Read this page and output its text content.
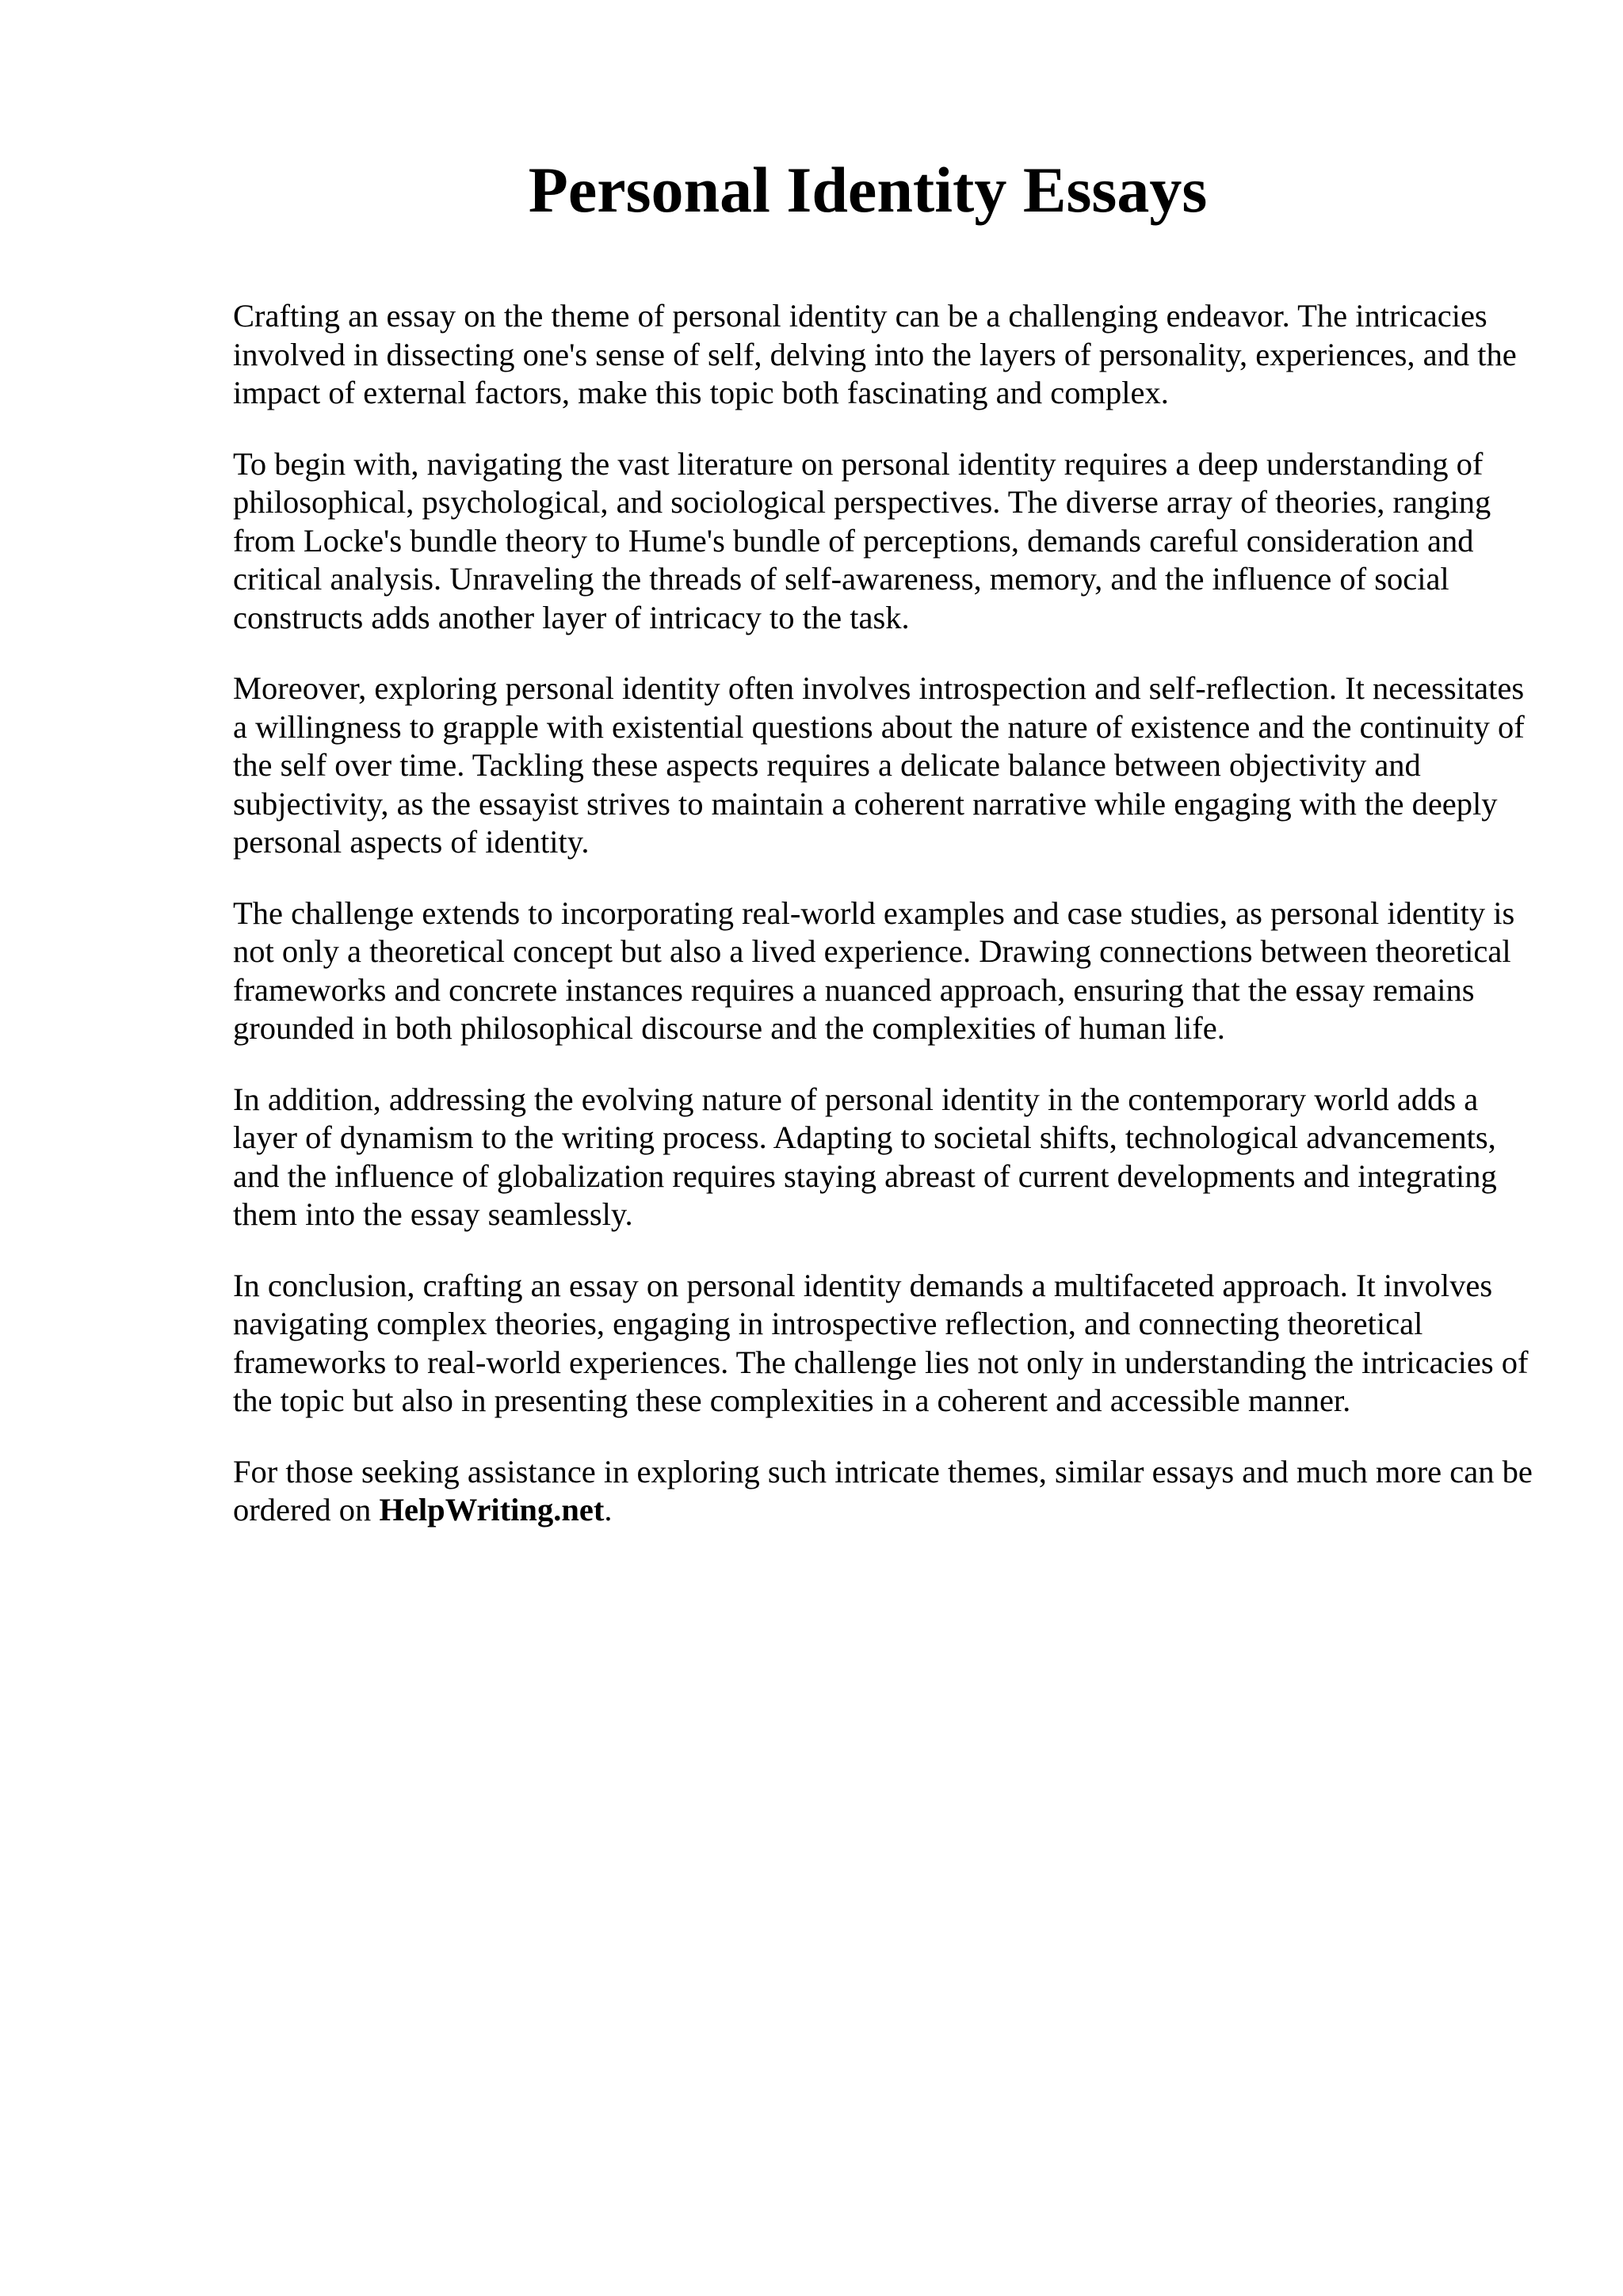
Personal Identity Essays

Crafting an essay on the theme of personal identity can be a challenging endeavor. The intricacies involved in dissecting one's sense of self, delving into the layers of personality, experiences, and the impact of external factors, make this topic both fascinating and complex.

To begin with, navigating the vast literature on personal identity requires a deep understanding of philosophical, psychological, and sociological perspectives. The diverse array of theories, ranging from Locke's bundle theory to Hume's bundle of perceptions, demands careful consideration and critical analysis. Unraveling the threads of self-awareness, memory, and the influence of social constructs adds another layer of intricacy to the task.

Moreover, exploring personal identity often involves introspection and self-reflection. It necessitates a willingness to grapple with existential questions about the nature of existence and the continuity of the self over time. Tackling these aspects requires a delicate balance between objectivity and subjectivity, as the essayist strives to maintain a coherent narrative while engaging with the deeply personal aspects of identity.

The challenge extends to incorporating real-world examples and case studies, as personal identity is not only a theoretical concept but also a lived experience. Drawing connections between theoretical frameworks and concrete instances requires a nuanced approach, ensuring that the essay remains grounded in both philosophical discourse and the complexities of human life.

In addition, addressing the evolving nature of personal identity in the contemporary world adds a layer of dynamism to the writing process. Adapting to societal shifts, technological advancements, and the influence of globalization requires staying abreast of current developments and integrating them into the essay seamlessly.

In conclusion, crafting an essay on personal identity demands a multifaceted approach. It involves navigating complex theories, engaging in introspective reflection, and connecting theoretical frameworks to real-world experiences. The challenge lies not only in understanding the intricacies of the topic but also in presenting these complexities in a coherent and accessible manner.

For those seeking assistance in exploring such intricate themes, similar essays and much more can be ordered on HelpWriting.net.
